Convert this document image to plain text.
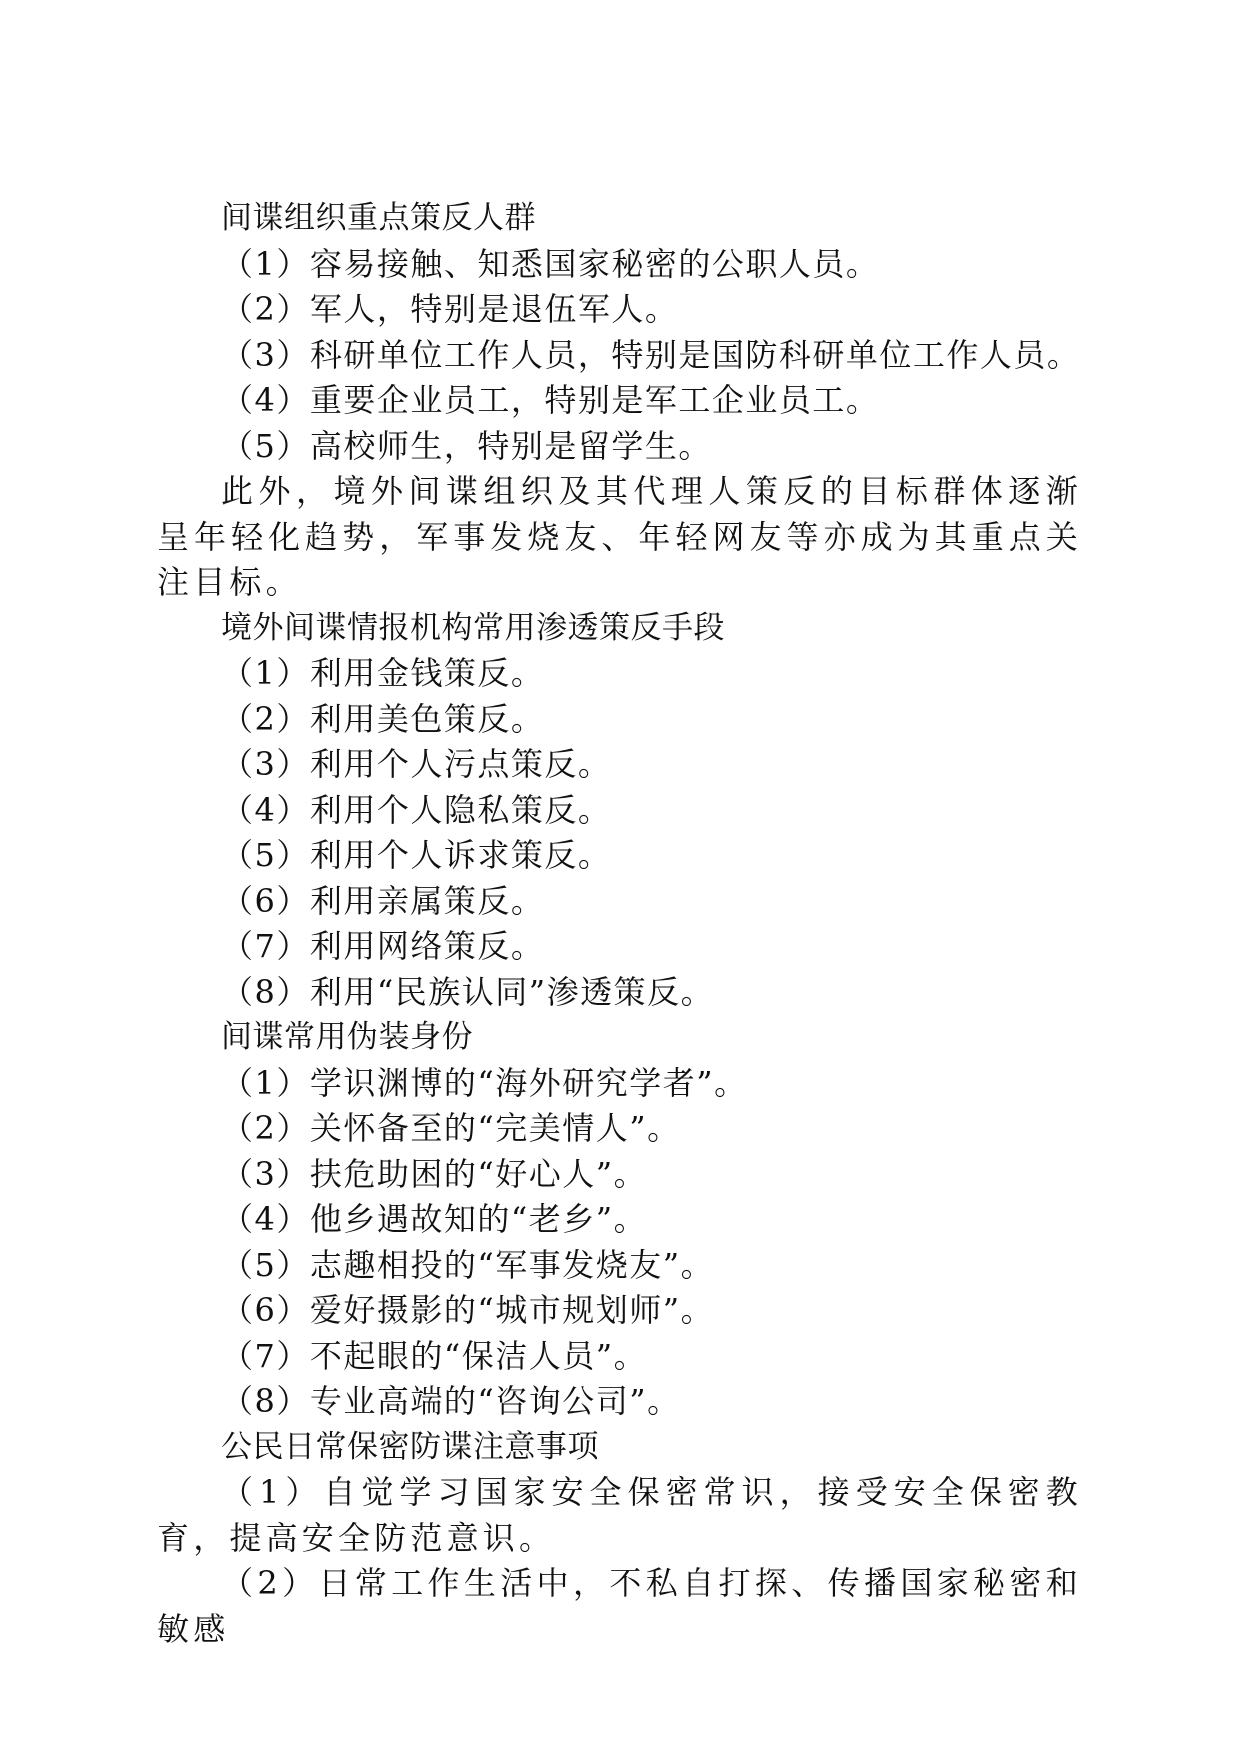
间谍组织重点策反人群

（1）容易接触、知悉国家秘密的公职人员。

（2）军人，特别是退伍军人。

（3）科研单位工作人员，特别是国防科研单位工作人员。

（4）重要企业员工，特别是军工企业员工。

（5）高校师生，特别是留学生。

此外，境外间谍组织及其代理人策反的目标群体逐渐呈年轻化趋势，军事发烧友、年轻网友等亦成为其重点关注目标。

境外间谍情报机构常用渗透策反手段

（1）利用金钱策反。

（2）利用美色策反。

（3）利用个人污点策反。

（4）利用个人隐私策反。

（5）利用个人诉求策反。

（6）利用亲属策反。

（7）利用网络策反。

（8）利用“民族认同”渗透策反。

间谍常用伪装身份

（1）学识渊博的“海外研究学者”。

（2）关怀备至的“完美情人”。

（3）扶危助困的“好心人”。

（4）他乡遇故知的“老乡”。

（5）志趣相投的“军事发烧友”。

（6）爱好摄影的“城市规划师”。

（7）不起眼的“保洁人员”。

（8）专业高端的“咨询公司”。

公民日常保密防谍注意事项

（1）自觉学习国家安全保密常识，接受安全保密教育，提高安全防范意识。

（2）日常工作生活中，不私自打探、传播国家秘密和敏感
